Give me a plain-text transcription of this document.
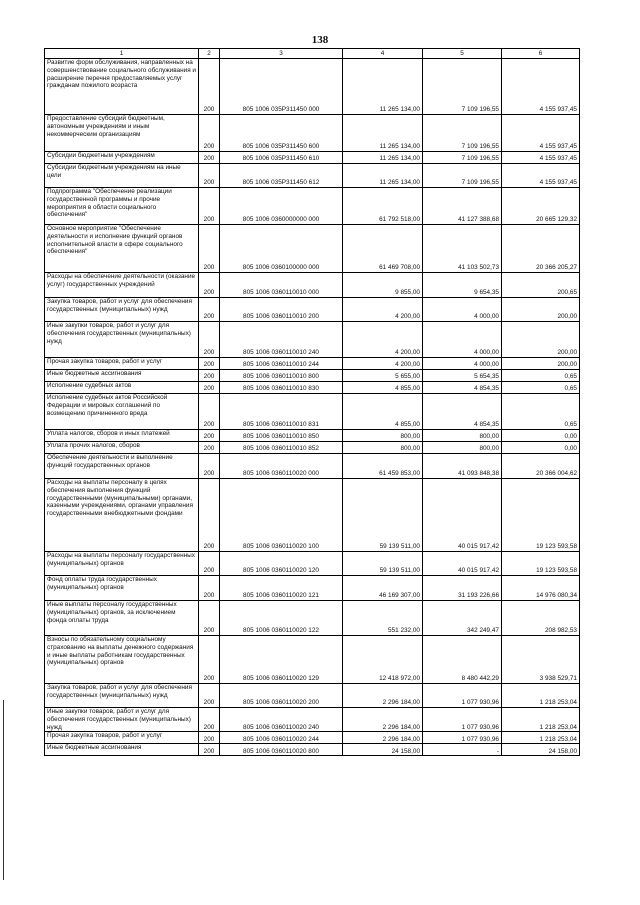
138
1	2	3	4	5	6
Развитие форм обслуживания, направленных на совершенствование социального обслуживания и расширение перечня предоставляемых услуг гражданам пожилого возраста	200	805 1006 035P311450 000	11 265 134,00	7 109 196,55	4 155 937,45
Предоставление субсидий бюджетным, автономным учреждениям и иным некоммерческим организациям	200	805 1006 035P311450 600	11 265 134,00	7 109 196,55	4 155 937,45
Субсидии бюджетным учреждениям	200	805 1006 035P311450 610	11 265 134,00	7 109 196,55	4 155 937,45
Субсидии бюджетным учреждениям на иные цели	200	805 1006 035P311450 612	11 265 134,00	7 109 196,55	4 155 937,45
Подпрограмма "Обеспечение реализации государственной программы и прочие мероприятия в области социального обеспечения"	200	805 1006 0360000000 000	61 792 518,00	41 127 388,68	20 665 129,32
Основное мероприятие "Обеспечение деятельности и исполнение функций органов исполнительной власти в сфере социального обеспечения"	200	805 1006 0360100000 000	61 469 708,00	41 103 502,73	20 366 205,27
Расходы на обеспечение деятельности (оказание услуг) государственных учреждений	200	805 1006 0360110010 000	9 855,00	9 654,35	200,65
Закупка товаров, работ и услуг для обеспечения государственных (муниципальных) нужд	200	805 1006 0360110010 200	4 200,00	4 000,00	200,00
Иные закупки товаров, работ и услуг для обеспечения государственных (муниципальных) нужд	200	805 1006 0360110010 240	4 200,00	4 000,00	200,00
Прочая закупка товаров, работ и услуг	200	805 1006 0360110010 244	4 200,00	4 000,00	200,00
Иные бюджетные ассигнования	200	805 1006 0360110010 800	5 655,00	5 654,35	0,65
Исполнение судебных актов	200	805 1006 0360110010 830	4 855,00	4 854,35	0,65
Исполнение судебных актов Российской Федерации и мировых соглашений по возмещению причиненного вреда	200	805 1006 0360110010 831	4 855,00	4 854,35	0,65
Уплата налогов, сборов и иных платежей	200	805 1006 0360110010 850	800,00	800,00	0,00
Уплата прочих налогов, сборов	200	805 1006 0360110010 852	800,00	800,00	0,00
Обеспечение деятельности и выполнение функций государственных органов	200	805 1006 0360110020 000	61 459 853,00	41 093 848,38	20 366 004,62
Расходы на выплаты персоналу в целях обеспечения выполнения функций государственными (муниципальными) органами, казенными учреждениями, органами управления государственными внебюджетными фондами	200	805 1006 0360110020 100	59 139 511,00	40 015 917,42	19 123 593,58
Расходы на выплаты персоналу государственных (муниципальных) органов	200	805 1006 0360110020 120	59 139 511,00	40 015 917,42	19 123 593,58
Фонд оплаты труда государственных (муниципальных) органов	200	805 1006 0360110020 121	46 169 307,00	31 193 226,66	14 976 080,34
Иные выплаты персоналу государственных (муниципальных) органов, за исключением фонда оплаты труда	200	805 1006 0360110020 122	551 232,00	342 249,47	208 982,53
Взносы по обязательному социальному страхованию на выплаты денежного содержания и иные выплаты работникам государственных (муниципальных) органов	200	805 1006 0360110020 129	12 418 972,00	8 480 442,29	3 938 529,71
Закупка товаров, работ и услуг для обеспечения государственных (муниципальных) нужд	200	805 1006 0360110020 200	2 296 184,00	1 077 930,96	1 218 253,04
Иные закупки товаров, работ и услуг для обеспечения государственных (муниципальных) нужд	200	805 1006 0360110020 240	2 296 184,00	1 077 930,96	1 218 253,04
Прочая закупка товаров, работ и услуг	200	805 1006 0360110020 244	2 296 184,00	1 077 930,96	1 218 253,04
Иные бюджетные ассигнования	200	805 1006 0360110020 800	24 158,00	-	24 158,00
